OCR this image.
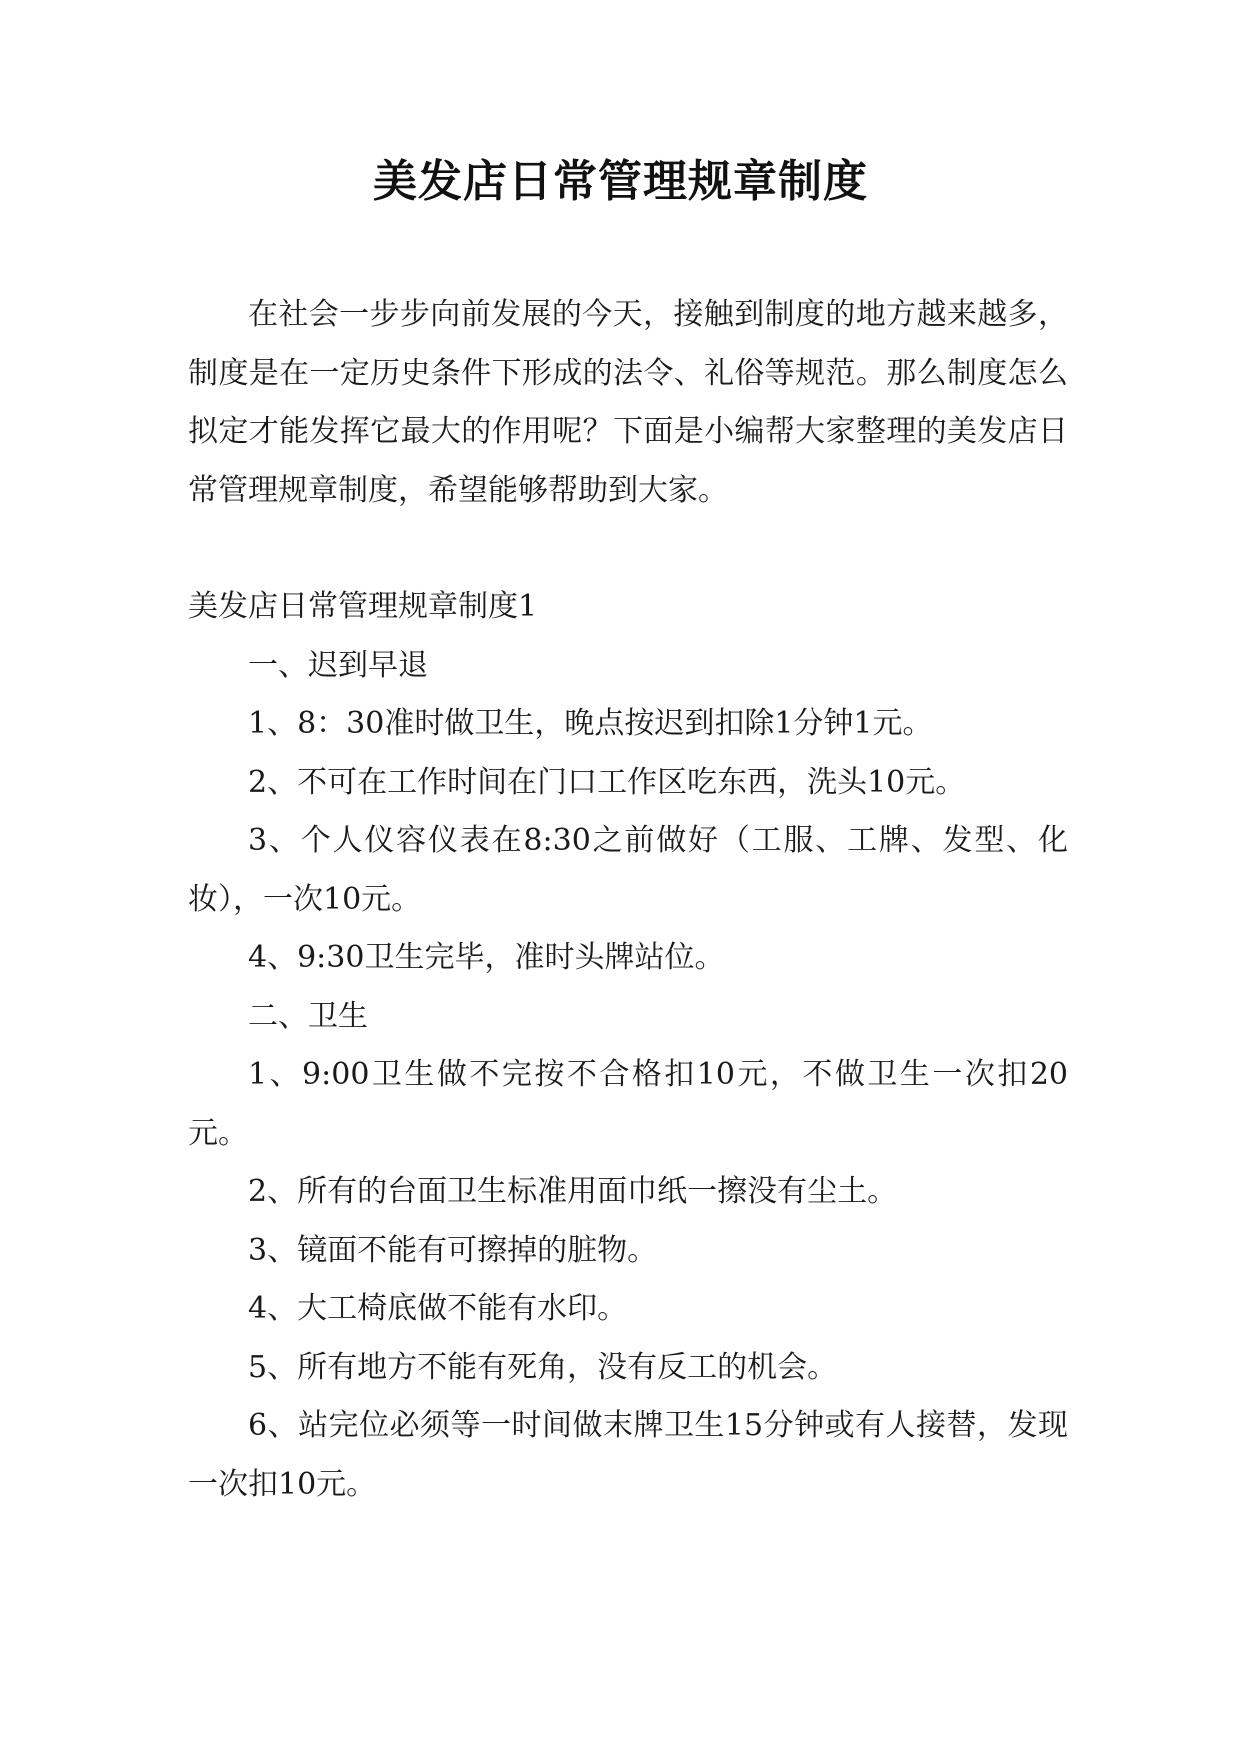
美发店日常管理规章制度

在社会一步步向前发展的今天，接触到制度的地方越来越多，制度是在一定历史条件下形成的法令、礼俗等规范。那么制度怎么拟定才能发挥它最大的作用呢？下面是小编帮大家整理的美发店日常管理规章制度，希望能够帮助到大家。

美发店日常管理规章制度1

一、迟到早退

1、8：30准时做卫生，晚点按迟到扣除1分钟1元。

2、不可在工作时间在门口工作区吃东西，洗头10元。

3、个人仪容仪表在8:30之前做好（工服、工牌、发型、化妆），一次10元。

4、9:30卫生完毕，准时头牌站位。

二、卫生

1、9:00卫生做不完按不合格扣10元，不做卫生一次扣20元。

2、所有的台面卫生标准用面巾纸一擦没有尘土。

3、镜面不能有可擦掉的脏物。

4、大工椅底做不能有水印。

5、所有地方不能有死角，没有反工的机会。

6、站完位必须等一时间做末牌卫生15分钟或有人接替，发现一次扣10元。
